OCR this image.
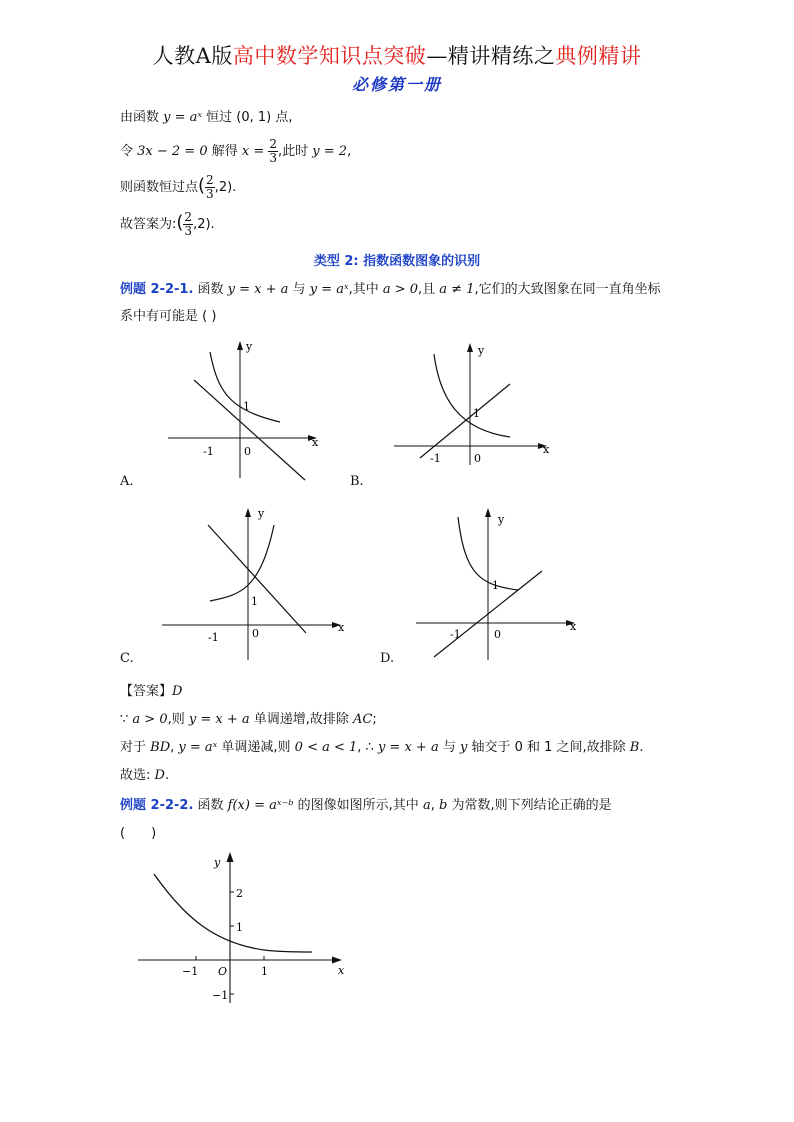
人教A版高中数学知识点突破—精讲精练之典例精讲
必修第一册
由函数 y = aˣ 恒过 (0, 1) 点,
令 3x − 2 = 0 解得 $x = \frac{2}{3}$ ,此时 y = 2,
则函数恒过点( $\frac{2}{3} ,2$).
故答案为:( $\frac{2}{3} ,2$).
类型 2: 指数函数图象的识别
例题 2-2-1. 函数 y = x + a 与 y = aˣ,其中 a > 0,且 a ≠ 1,它们的大致图象在同一直角坐标
系中有可能是 ( )
y
x
-1	0
1
A.
y
x
-1	0
1
B.
y
x
-1	0
1
C.
y
x
-1	0
1
D.
【答案】D
∵ a > 0,则 y = x + a 单调递增,故排除 AC;
对于 BD, y = aˣ 单调递减,则 0 < a < 1, ∴ y = x + a 与 y 轴交于 0 和 1 之间,故排除 B.
故选: D.
例题 2-2-2. 函数 f(x) = aˣ⁻ᵇ 的图像如图所示,其中 a, b 为常数,则下列结论正确的是
(　　)
y
x
2
1
−1
−1 O	1
